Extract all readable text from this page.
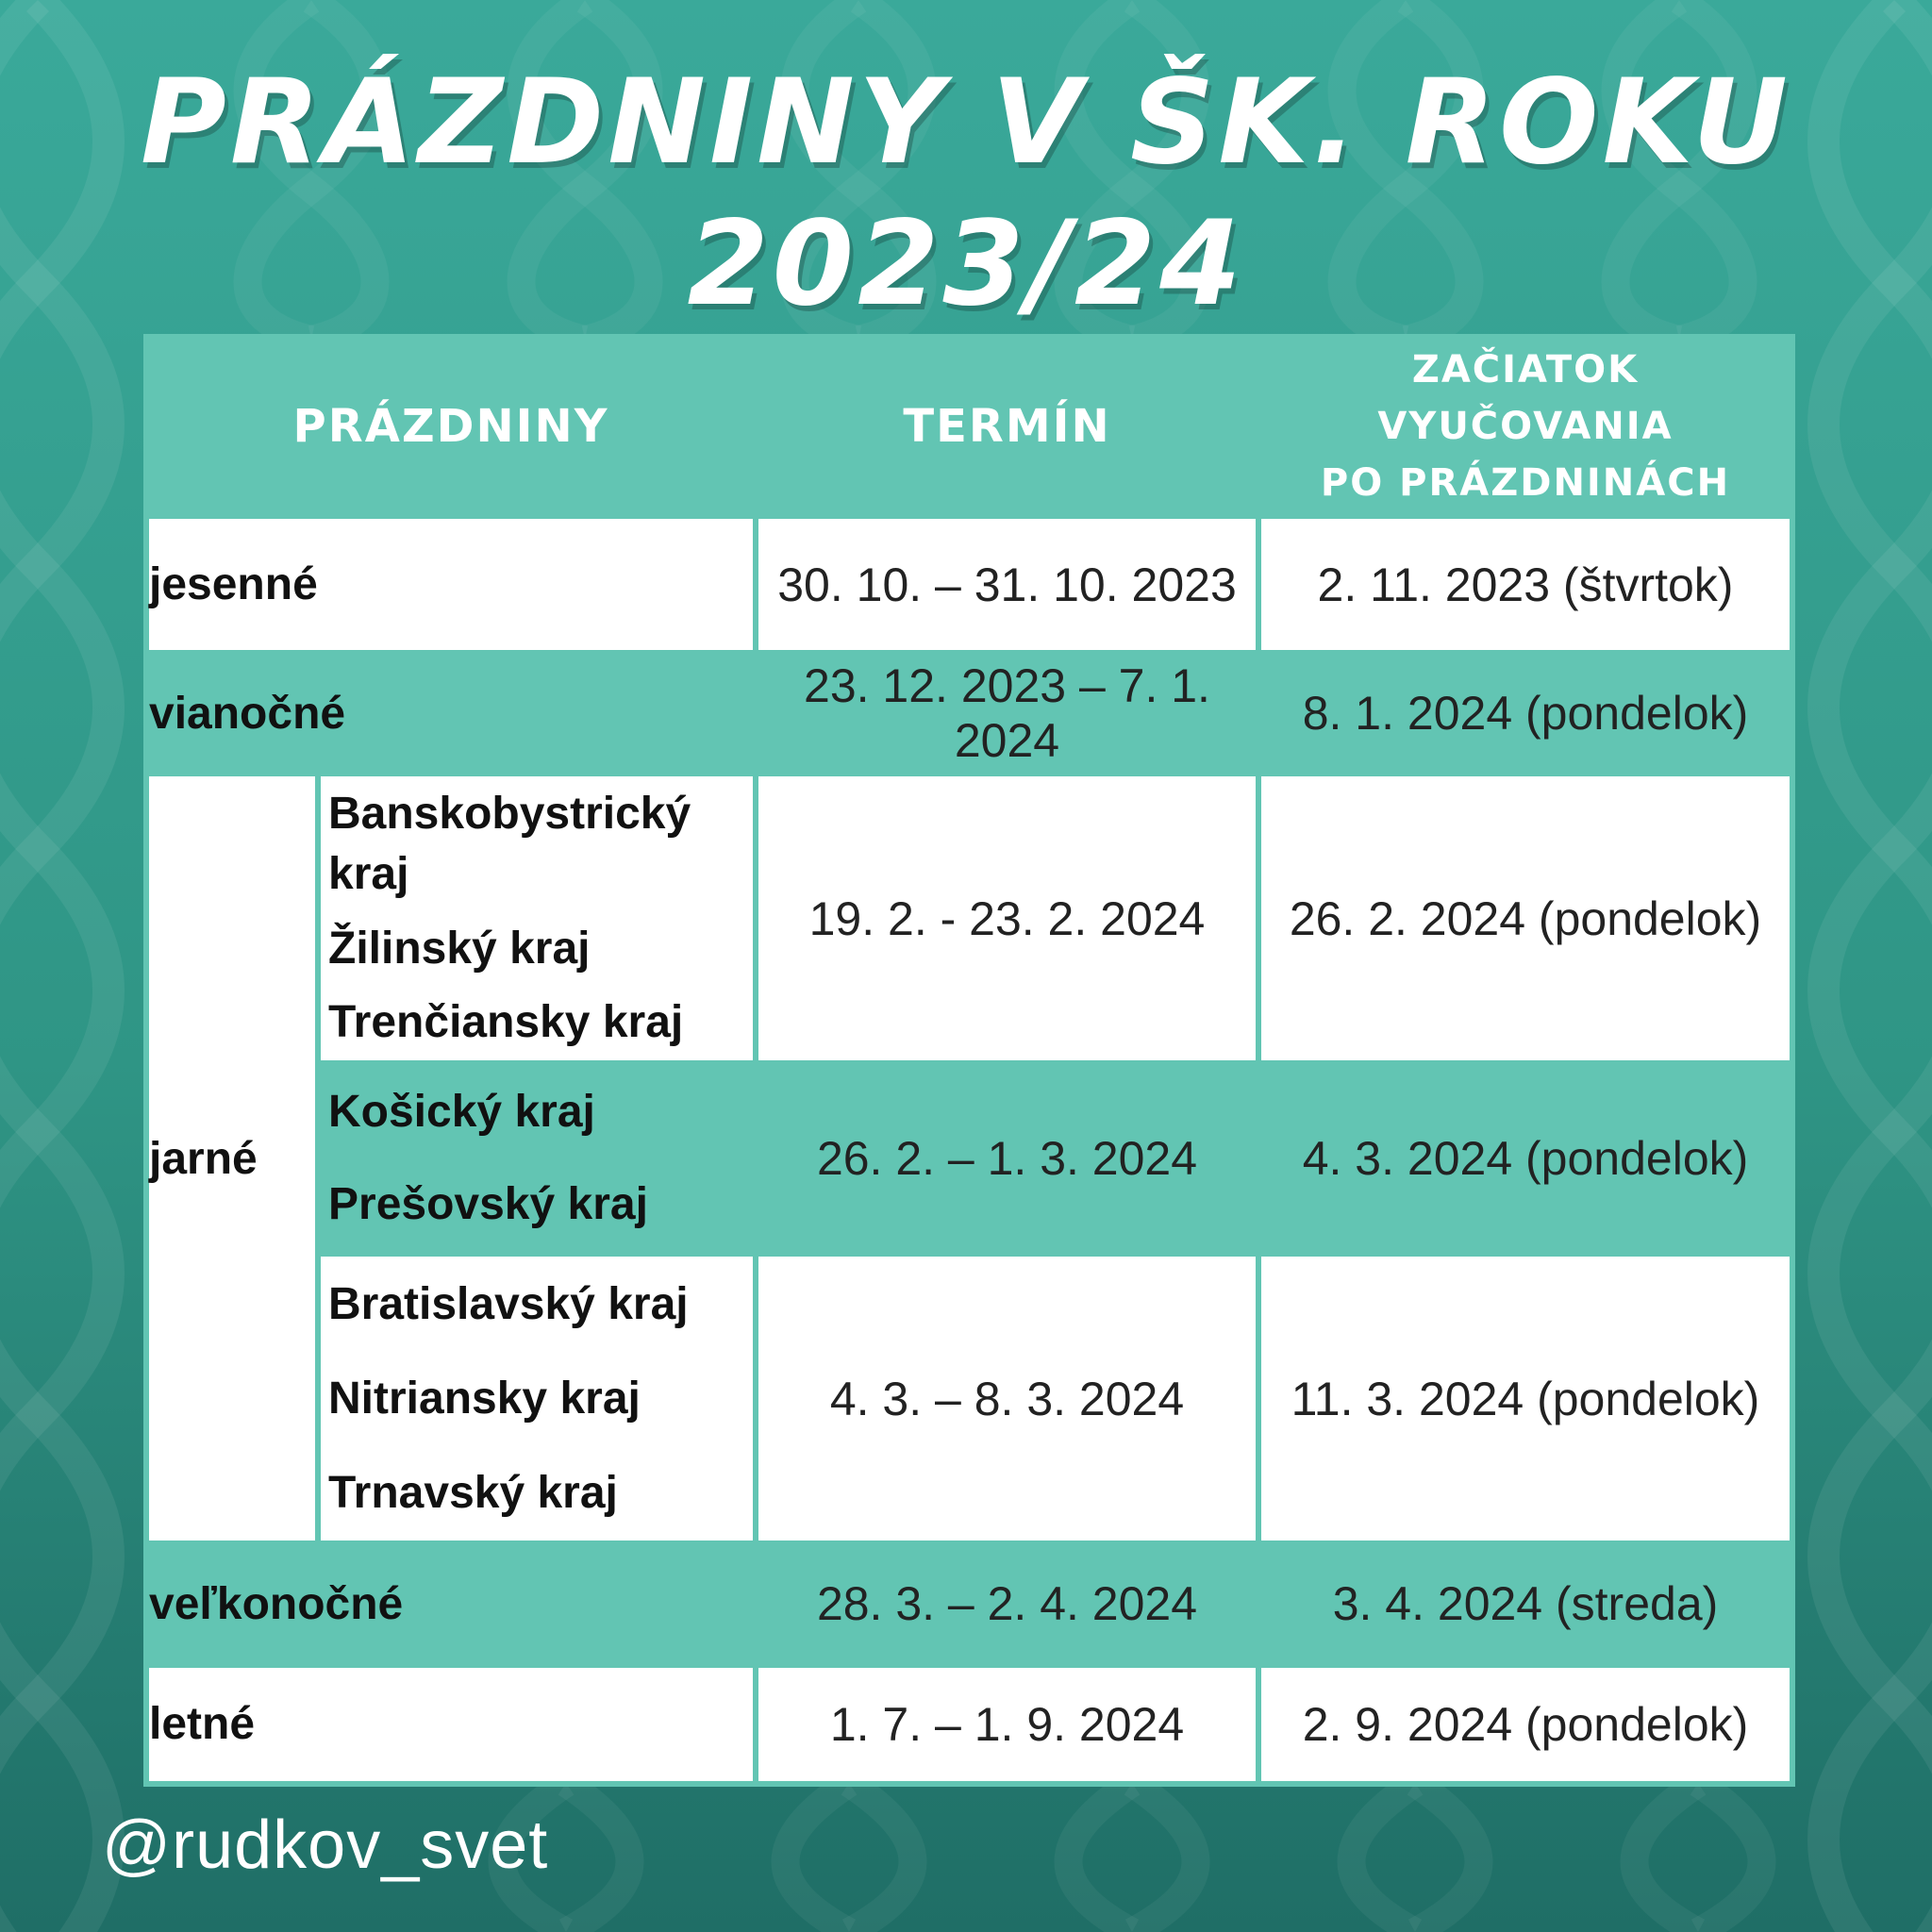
PRÁZDNINY V ŠK. ROKU
2023/24
PRÁZDNINY		TERMÍN	ZAČIATOK
VYUČOVANIA
PO PRÁZDNINÁCH

jesenné		30. 10. – 31. 10. 2023	2. 11. 2023 (štvrtok)
vianočné		23. 12. 2023 – 7. 1. 2024	8. 1. 2024 (pondelok)
jarné	Banskobystrický kraj
Žilinský kraj
Trenčiansky kraj	19. 2. - 23. 2. 2024	26. 2. 2024 (pondelok)

	Košický kraj
Prešovský kraj	26. 2. – 1. 3. 2024	4. 3. 2024 (pondelok)

	Bratislavský kraj
Nitriansky kraj
Trnavský kraj	4. 3. – 8. 3. 2024	11. 3. 2024 (pondelok)
veľkonočné		28. 3. – 2. 4. 2024	3. 4. 2024 (streda)
letné		1. 7. – 1. 9. 2024	2. 9. 2024 (pondelok)
@rudkov_svet
